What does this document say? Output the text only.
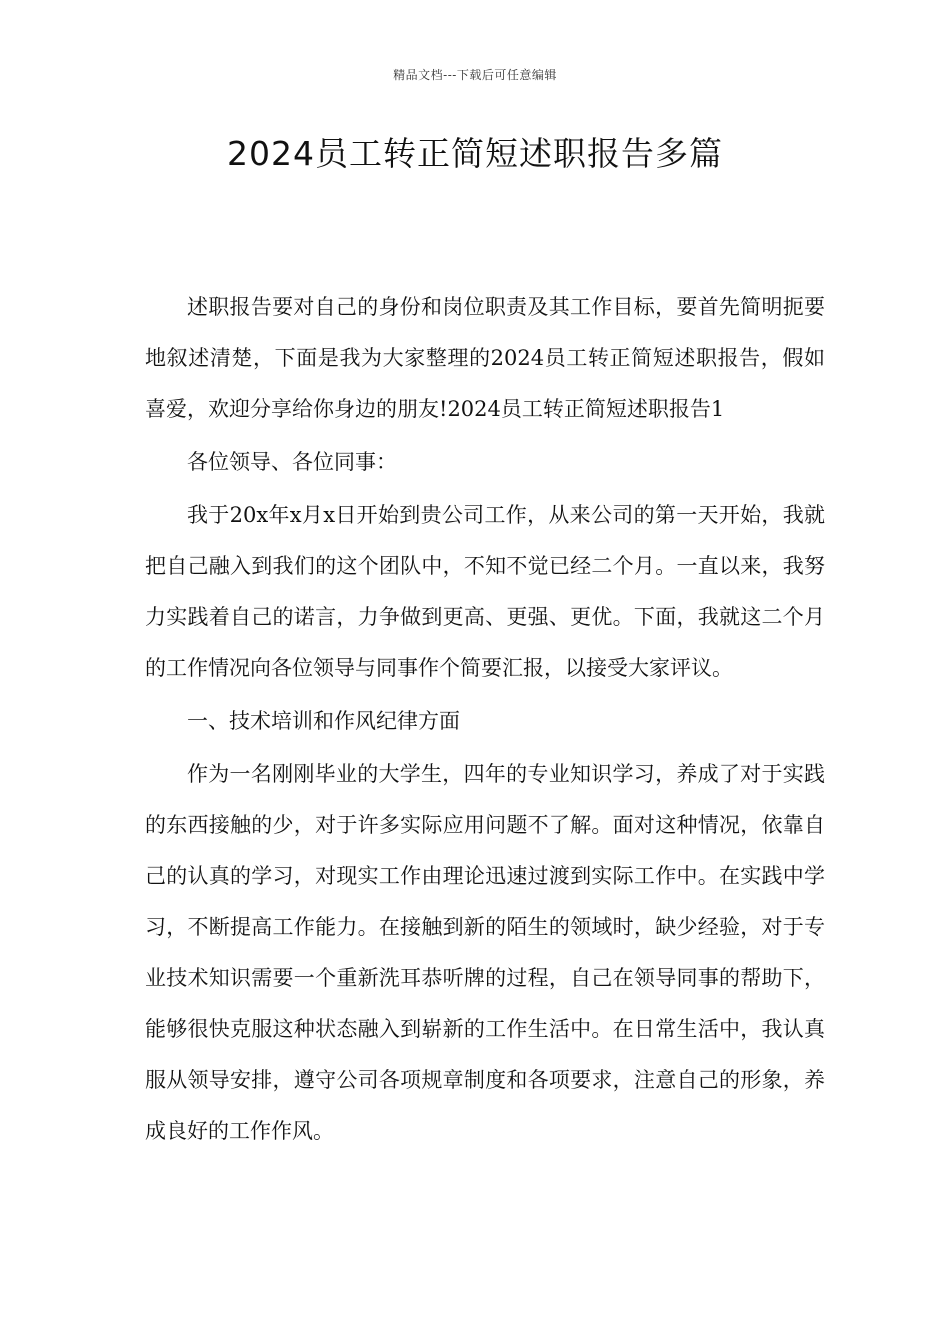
精品文档---下载后可任意编辑
2024员工转正简短述职报告多篇

述职报告要对自己的身份和岗位职责及其工作目标，要首先简明扼要地叙述清楚，下面是我为大家整理的2024员工转正简短述职报告，假如喜爱，欢迎分享给你身边的朋友!2024员工转正简短述职报告1

各位领导、各位同事：

我于20x年x月x日开始到贵公司工作，从来公司的第一天开始，我就把自己融入到我们的这个团队中，不知不觉已经二个月。一直以来，我努力实践着自己的诺言，力争做到更高、更强、更优。下面，我就这二个月的工作情况向各位领导与同事作个简要汇报，以接受大家评议。

一、技术培训和作风纪律方面

作为一名刚刚毕业的大学生，四年的专业知识学习，养成了对于实践的东西接触的少，对于许多实际应用问题不了解。面对这种情况，依靠自己的认真的学习，对现实工作由理论迅速过渡到实际工作中。在实践中学习，不断提高工作能力。在接触到新的陌生的领域时，缺少经验，对于专业技术知识需要一个重新洗耳恭听牌的过程，自己在领导同事的帮助下，能够很快克服这种状态融入到崭新的工作生活中。在日常生活中，我认真服从领导安排，遵守公司各项规章制度和各项要求，注意自己的形象，养成良好的工作作风。
